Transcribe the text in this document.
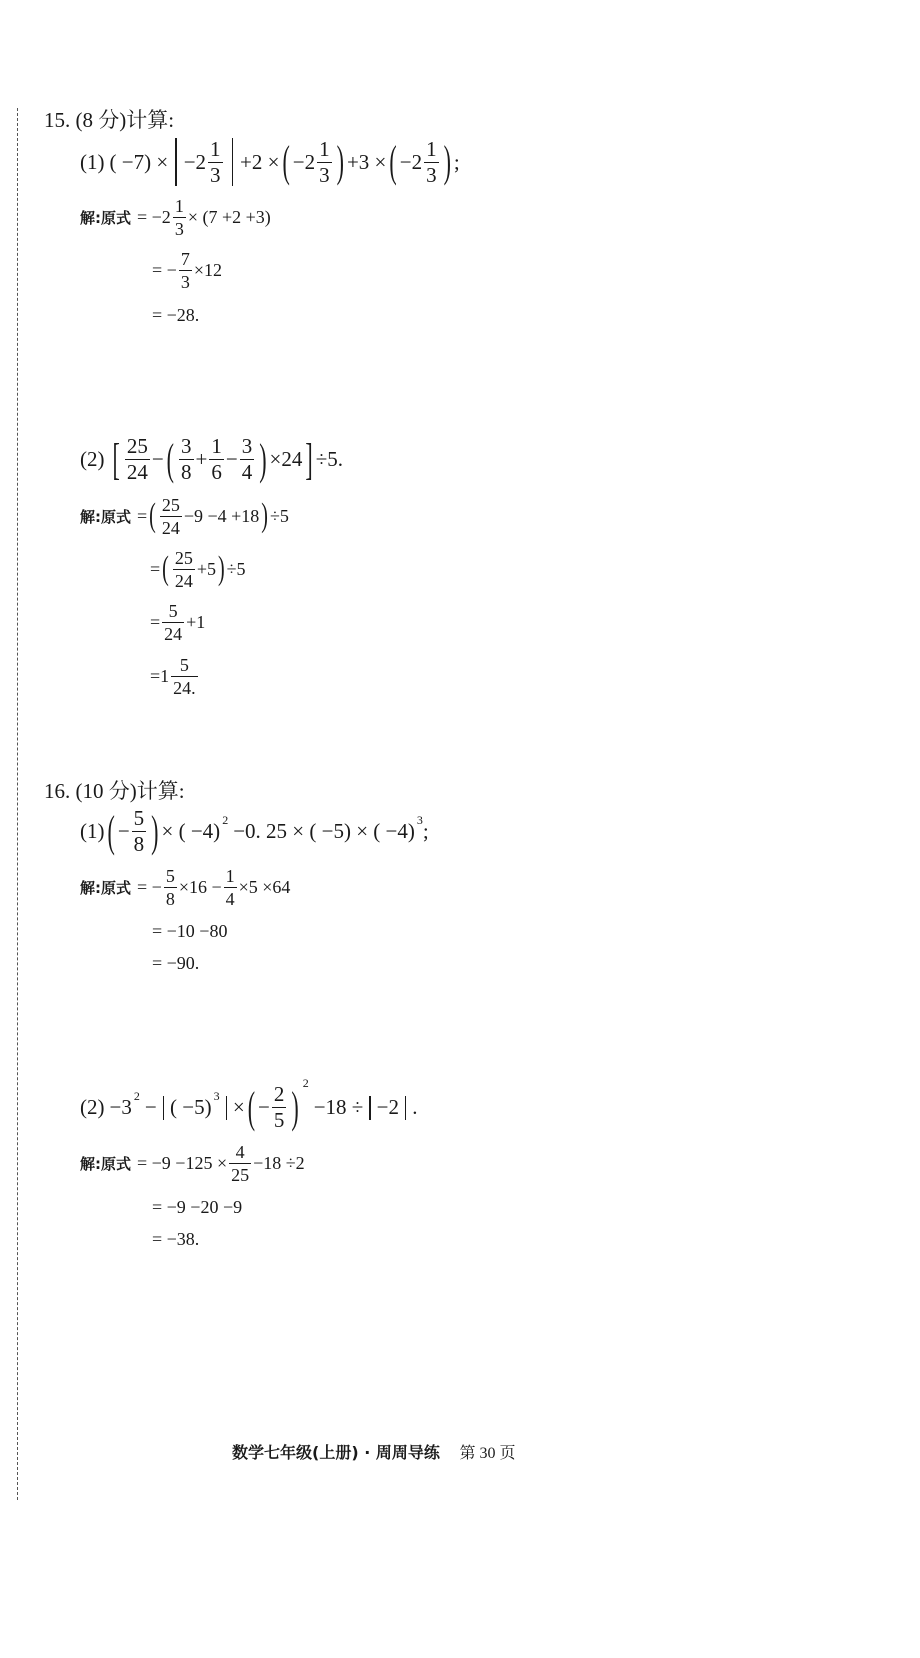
15. (8 分)计算:
(1) ( $-7) \times -2 \frac{1}{3} +2$ × ( $-2 \frac{1}{3}$ ) +3 × ( $-2 \frac{1}{3}$ ) ;
解:原式 = $-2 \frac{1}{3} \times (7 +2 +3)$
= − $\frac{7}{3} \times 12$
= −28.
(2) [ $\frac{25}{24}$ − ( $\frac{3}{8} + \frac{1}{6} - \frac{3}{4}$ ) ×24 ] ÷5.
解:原式 = ( $\frac{25}{24} -9 -4 +18$ ) ÷5
= ( $\frac{25}{24} +5$ ) ÷5
= $\frac{5}{24} +1$
$=1 \frac{5}{24.}$
16. (10 分)计算:
(1) ( − $\frac{5}{8}$ ) × ( −4) 2 −0. 25 × ( −5) × ( −4) 3 ;
解:原式 = − $\frac{5}{8} \times 16 - \frac{1}{4} \times 5 \times 64$
= −10 −80
= −90.
(2) −3 2 − ( −5) 3 × ( − $\frac{2}{5}$ ) 2
−18 ÷ −2 .
解:原式 = $-9 -125 \times \frac{4}{25} -18 \div 2$
= −9 −20 −9
= −38.
数学七年级(上册) · 周周导练 第 30 页
